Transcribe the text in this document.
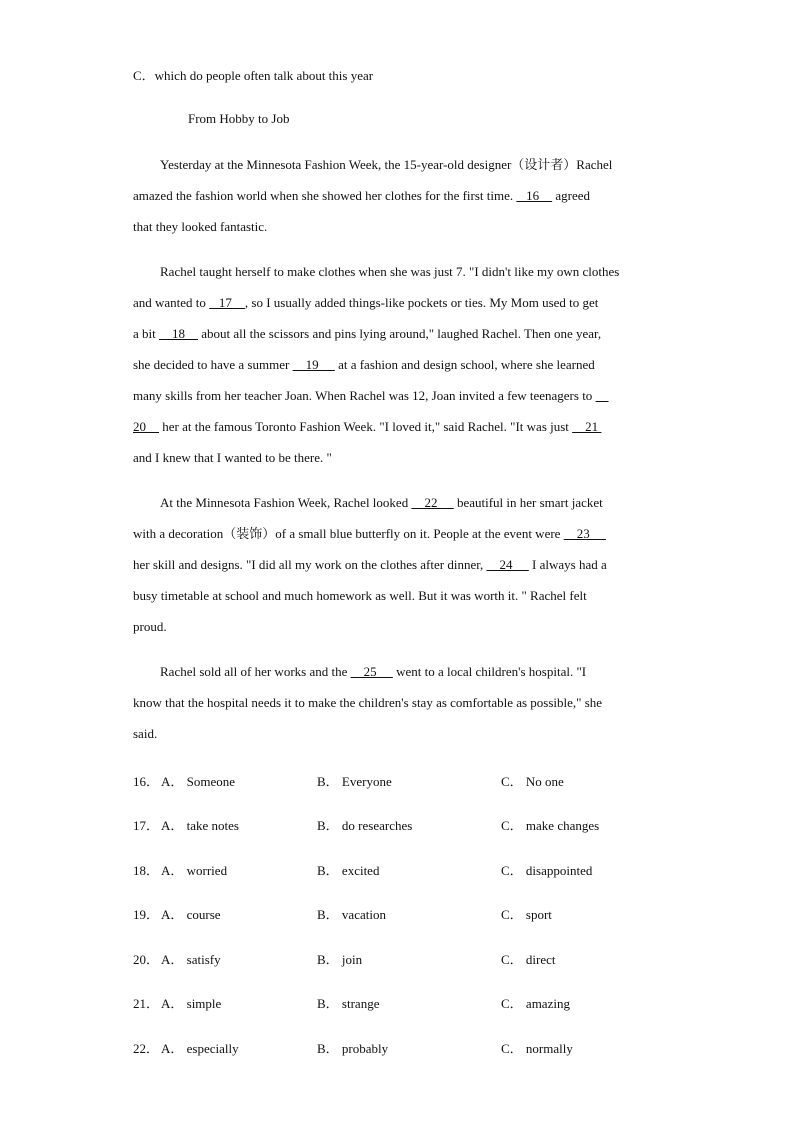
C．which do people often talk about this year
From Hobby to Job
Yesterday at the Minnesota Fashion Week, the 15-year-old designer（设计者）Rachel
amazed the fashion world when she showed her clothes for the first time.    16     agreed
that they looked fantastic.
Rachel taught herself to make clothes when she was just 7. "I didn't like my own clothes
and wanted to    17    , so I usually added things-like pockets or ties. My Mom used to get
a bit     18     about all the scissors and pins lying around," laughed Rachel. Then one year,
she decided to have a summer     19      at a fashion and design school, where she learned
many skills from her teacher Joan. When Rachel was 12, Joan invited a few teenagers to
20     her at the famous Toronto Fashion Week. "I loved it," said Rachel. "It was just     21
and I knew that I wanted to be there. "
At the Minnesota Fashion Week, Rachel looked     22      beautiful in her smart jacket
with a decoration（装饰）of a small blue butterfly on it. People at the event were     23
her skill and designs. "I did all my work on the clothes after dinner,     24      I always had a
busy timetable at school and much homework as well. But it was worth it. " Rachel felt
proud.
Rachel sold all of her works and the     25      went to a local children's hospital. "I
know that the hospital needs it to make the children's stay as comfortable as possible," she
said.
16． A． Someone	B． Everyone	C． No one
17． A． take notes	B． do researches	C． make changes
18． A． worried	B． excited	C． disappointed
19． A． course	B． vacation	C． sport
20． A． satisfy	B． join	C． direct
21． A． simple	B． strange	C． amazing
22． A． especially	B． probably	C． normally
